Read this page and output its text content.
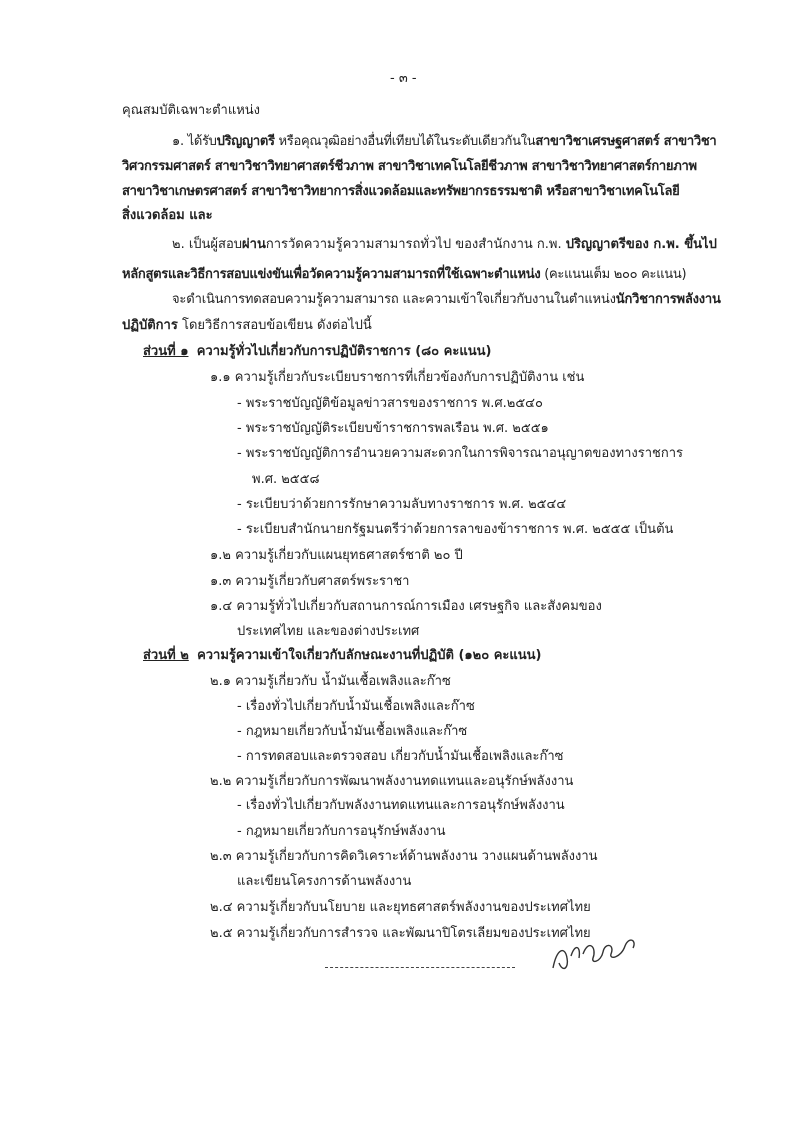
- ๓ -
คุณสมบัติเฉพาะตำแหน่ง
๑. ได้รับปริญญาตรี หรือคุณวุฒิอย่างอื่นที่เทียบได้ในระดับเดียวกันในสาขาวิชาเศรษฐศาสตร์ สาขาวิชา
วิศวกรรมศาสตร์ สาขาวิชาวิทยาศาสตร์ชีวภาพ สาขาวิชาเทคโนโลยีชีวภาพ สาขาวิชาวิทยาศาสตร์กายภาพ
สาขาวิชาเกษตรศาสตร์ สาขาวิชาวิทยาการสิ่งแวดล้อมและทรัพยากรธรรมชาติ หรือสาขาวิชาเทคโนโลยี
สิ่งแวดล้อม และ
๒. เป็นผู้สอบผ่านการวัดความรู้ความสามารถทั่วไป ของสำนักงาน ก.พ. ปริญญาตรีของ ก.พ. ขึ้นไป
หลักสูตรและวิธีการสอบแข่งขันเพื่อวัดความรู้ความสามารถที่ใช้เฉพาะตำแหน่ง (คะแนนเต็ม ๒๐๐ คะแนน)
จะดำเนินการทดสอบความรู้ความสามารถ และความเข้าใจเกี่ยวกับงานในตำแหน่งนักวิชาการพลังงาน
ปฏิบัติการ โดยวิธีการสอบข้อเขียน ดังต่อไปนี้
ส่วนที่ ๑ ความรู้ทั่วไปเกี่ยวกับการปฏิบัติราชการ (๘๐ คะแนน)
๑.๑ ความรู้เกี่ยวกับระเบียบราชการที่เกี่ยวข้องกับการปฏิบัติงาน เช่น
- พระราชบัญญัติข้อมูลข่าวสารของราชการ พ.ศ.๒๕๔๐
- พระราชบัญญัติระเบียบข้าราชการพลเรือน พ.ศ. ๒๕๕๑
- พระราชบัญญัติการอำนวยความสะดวกในการพิจารณาอนุญาตของทางราชการ
พ.ศ. ๒๕๕๘
- ระเบียบว่าด้วยการรักษาความลับทางราชการ พ.ศ. ๒๕๔๔
- ระเบียบสำนักนายกรัฐมนตรีว่าด้วยการลาของข้าราชการ พ.ศ. ๒๕๕๕ เป็นต้น
๑.๒ ความรู้เกี่ยวกับแผนยุทธศาสตร์ชาติ ๒๐ ปี
๑.๓ ความรู้เกี่ยวกับศาสตร์พระราชา
๑.๔ ความรู้ทั่วไปเกี่ยวกับสถานการณ์การเมือง เศรษฐกิจ และสังคมของ
ประเทศไทย และของต่างประเทศ
ส่วนที่ ๒ ความรู้ความเข้าใจเกี่ยวกับลักษณะงานที่ปฏิบัติ (๑๒๐ คะแนน)
๒.๑ ความรู้เกี่ยวกับ น้ำมันเชื้อเพลิงและก๊าซ
- เรื่องทั่วไปเกี่ยวกับน้ำมันเชื้อเพลิงและก๊าซ
- กฎหมายเกี่ยวกับน้ำมันเชื้อเพลิงและก๊าซ
- การทดสอบและตรวจสอบ เกี่ยวกับน้ำมันเชื้อเพลิงและก๊าซ
๒.๒ ความรู้เกี่ยวกับการพัฒนาพลังงานทดแทนและอนุรักษ์พลังงาน
- เรื่องทั่วไปเกี่ยวกับพลังงานทดแทนและการอนุรักษ์พลังงาน
- กฎหมายเกี่ยวกับการอนุรักษ์พลังงาน
๒.๓ ความรู้เกี่ยวกับการคิดวิเคราะห์ด้านพลังงาน วางแผนด้านพลังงาน
และเขียนโครงการด้านพลังงาน
๒.๔ ความรู้เกี่ยวกับนโยบาย และยุทธศาสตร์พลังงานของประเทศไทย
๒.๕ ความรู้เกี่ยวกับการสำรวจ และพัฒนาปิโตรเลียมของประเทศไทย
